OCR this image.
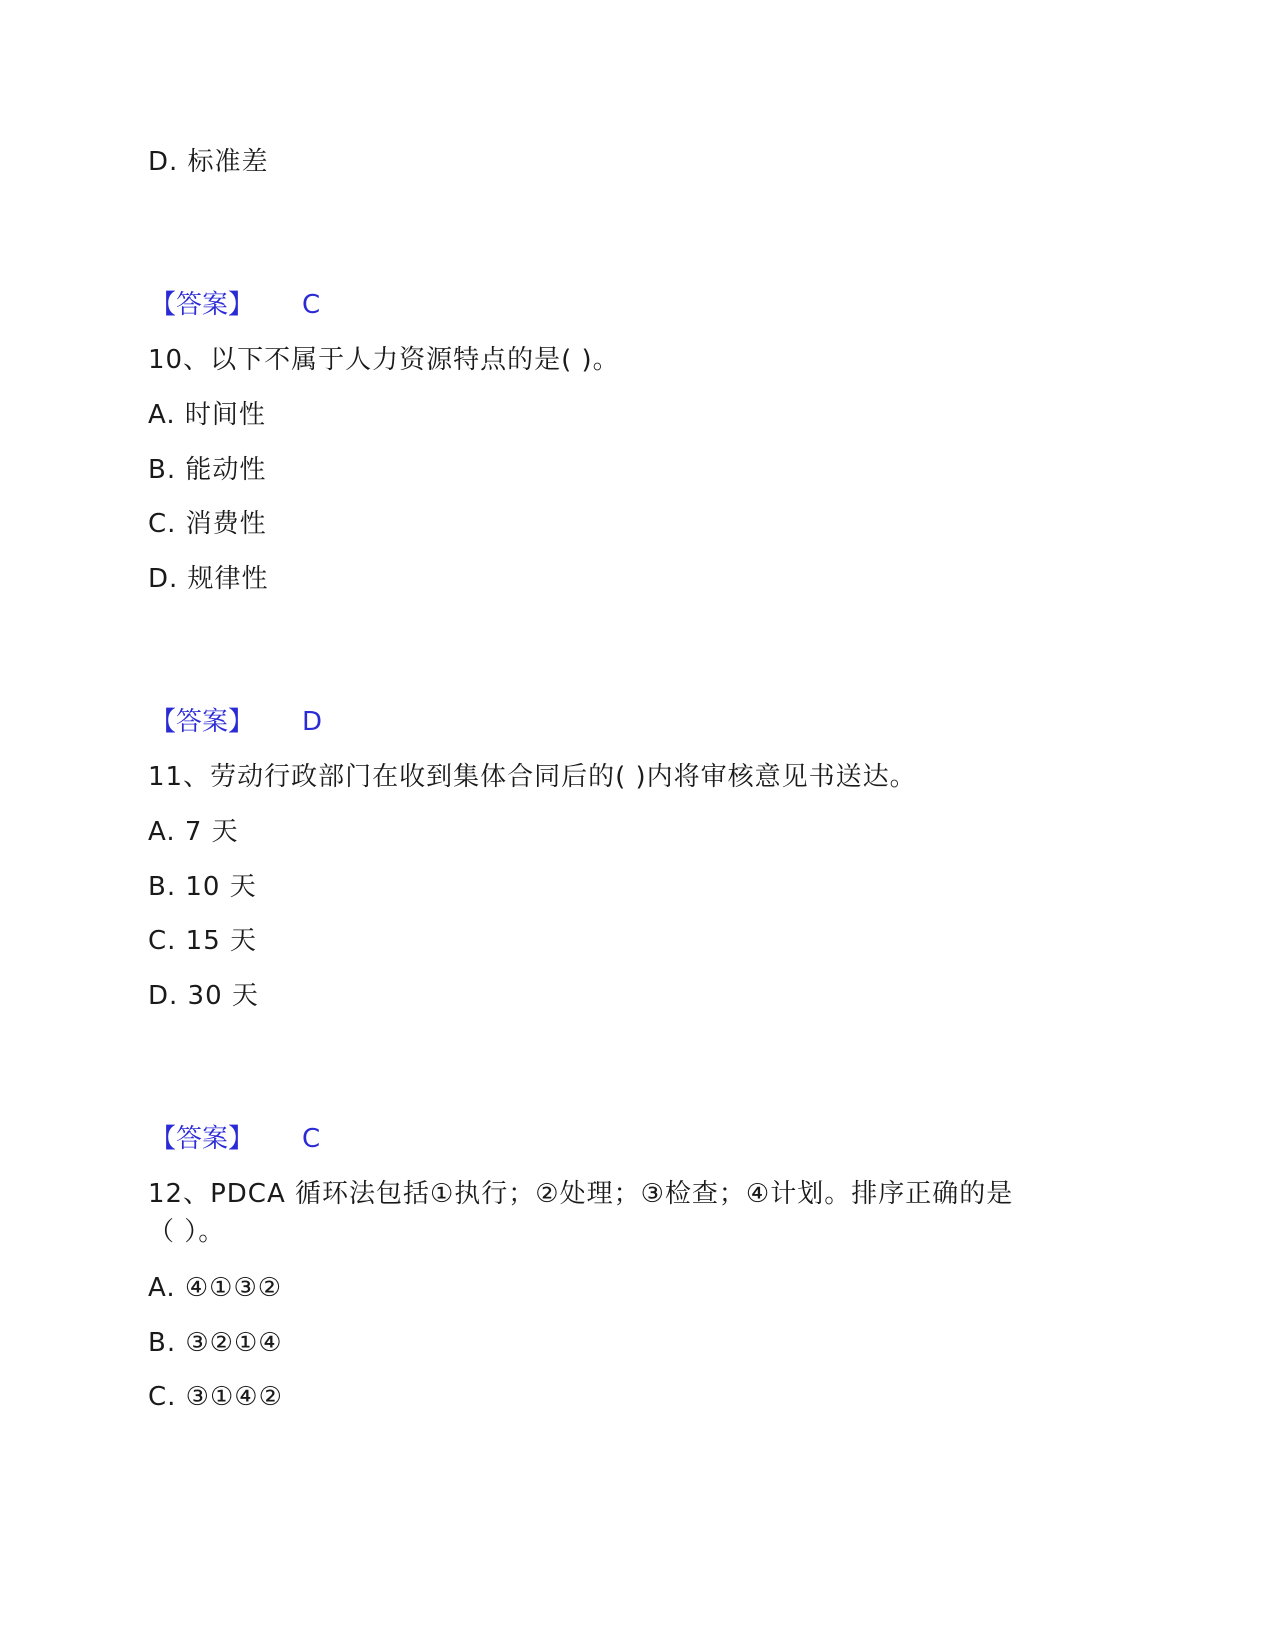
D. 标准差
【答案】 C
10、以下不属于人力资源特点的是( )。
A. 时间性
B. 能动性
C. 消费性
D. 规律性
【答案】 D
11、劳动行政部门在收到集体合同后的( )内将审核意见书送达。
A. 7 天
B. 10 天
C. 15 天
D. 30 天
【答案】 C
12、PDCA 循环法包括①执行；②处理；③检查；④计划。排序正确的是
（ ）。
A. ④①③②
B. ③②①④
C. ③①④②
